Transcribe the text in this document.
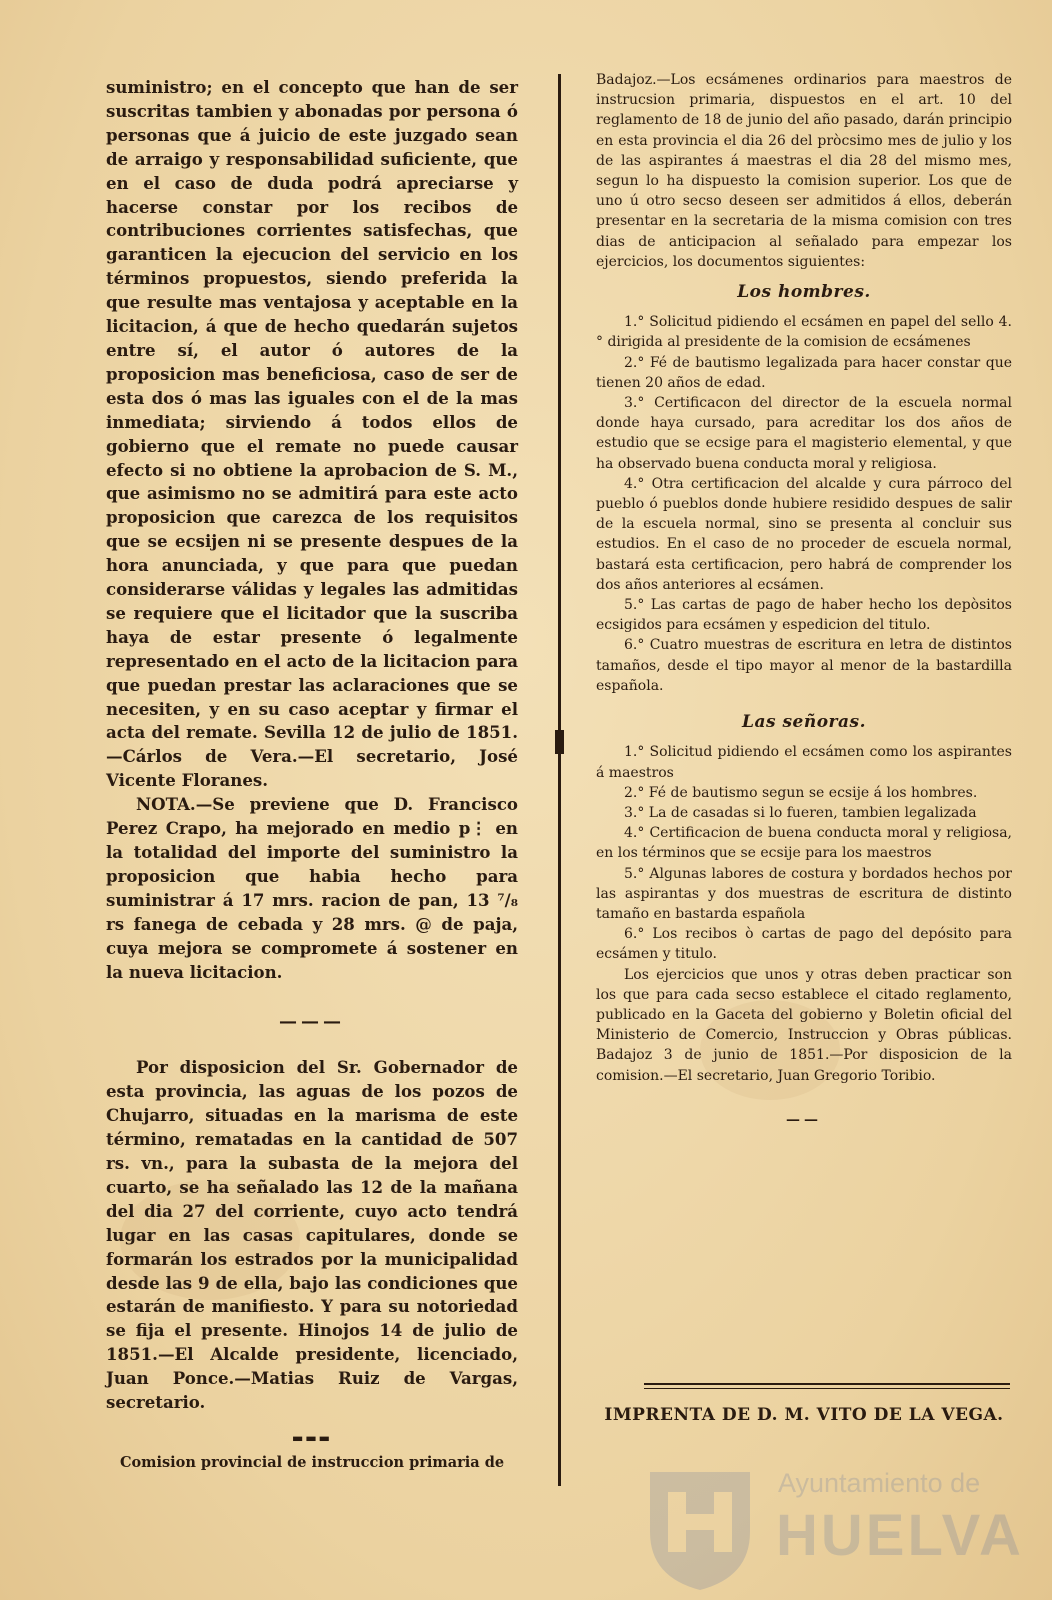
suministro; en el concepto que han de ser suscritas tambien y abonadas por persona ó personas que á juicio de este juzgado sean de arraigo y responsabilidad suficiente, que en el caso de duda podrá apreciarse y hacerse constar por los recibos de contribuciones corrientes satisfechas, que garanticen la ejecucion del servicio en los términos propuestos, siendo preferida la que resulte mas ventajosa y aceptable en la licitacion, á que de hecho quedarán sujetos entre sí, el autor ó autores de la proposicion mas beneficiosa, caso de ser de esta dos ó mas las iguales con el de la mas inmediata; sirviendo á todos ellos de gobierno que el remate no puede causar efecto si no obtiene la aprobacion de S. M., que asimismo no se admitirá para este acto proposicion que carezca de los requisitos que se ecsijen ni se presente despues de la hora anunciada, y que para que puedan considerarse válidas y legales las admitidas se requiere que el licitador que la suscriba haya de estar presente ó legalmente representado en el acto de la licitacion para que puedan prestar las aclaraciones que se necesiten, y en su caso aceptar y firmar el acta del remate. Sevilla 12 de julio de 1851.—Cárlos de Vera.—El secretario, José Vicente Floranes.

NOTA.—Se previene que D. Francisco Perez Crapo, ha mejorado en medio p⋮ en la totalidad del importe del suministro la proposicion que habia hecho para suministrar á 17 mrs. racion de pan, 13 ⁷/₈ rs fanega de cebada y 28 mrs. @ de paja, cuya mejora se compromete á sostener en la nueva licitacion.

———

Por disposicion del Sr. Gobernador de esta provincia, las aguas de los pozos de Chujarro, situadas en la marisma de este término, rematadas en la cantidad de 507 rs. vn., para la subasta de la mejora del cuarto, se ha señalado las 12 de la mañana del dia 27 del corriente, cuyo acto tendrá lugar en las casas capitulares, donde se formarán los estrados por la municipalidad desde las 9 de ella, bajo las condiciones que estarán de manifiesto. Y para su notoriedad se fija el presente. Hinojos 14 de julio de 1851.—El Alcalde presidente, licenciado, Juan Ponce.—Matias Ruiz de Vargas, secretario.

▬▬▬
Comision provincial de instruccion primaria de

Badajoz.—Los ecsámenes ordinarios para maestros de instrucsion primaria, dispuestos en el art. 10 del reglamento de 18 de junio del año pasado, darán principio en esta provincia el dia 26 del pròcsimo mes de julio y los de las aspirantes á maestras el dia 28 del mismo mes, segun lo ha dispuesto la comision superior. Los que de uno ú otro secso deseen ser admitidos á ellos, deberán presentar en la secretaria de la misma comision con tres dias de anticipacion al señalado para empezar los ejercicios, los documentos siguientes:

Los hombres.

1.° Solicitud pidiendo el ecsámen en papel del sello 4.° dirigida al presidente de la comision de ecsámenes

2.° Fé de bautismo legalizada para hacer constar que tienen 20 años de edad.

3.° Certificacon del director de la escuela normal donde haya cursado, para acreditar los dos años de estudio que se ecsige para el magisterio elemental, y que ha observado buena conducta moral y religiosa.

4.° Otra certificacion del alcalde y cura párroco del pueblo ó pueblos donde hubiere residido despues de salir de la escuela normal, sino se presenta al concluir sus estudios. En el caso de no proceder de escuela normal, bastará esta certificacion, pero habrá de comprender los dos años anteriores al ecsámen.

5.° Las cartas de pago de haber hecho los depòsitos ecsigidos para ecsámen y espedicion del titulo.

6.° Cuatro muestras de escritura en letra de distintos tamaños, desde el tipo mayor al menor de la bastardilla española.

Las señoras.

1.° Solicitud pidiendo el ecsámen como los aspirantes á maestros

2.° Fé de bautismo segun se ecsije á los hombres.

3.° La de casadas si lo fueren, tambien legalizada

4.° Certificacion de buena conducta moral y religiosa, en los términos que se ecsije para los maestros

5.° Algunas labores de costura y bordados hechos por las aspirantas y dos muestras de escritura de distinto tamaño en bastarda española

6.° Los recibos ò cartas de pago del depósito para ecsámen y titulo.

Los ejercicios que unos y otras deben practicar son los que para cada secso establece el citado reglamento, publicado en la Gaceta del gobierno y Boletin oficial del Ministerio de Comercio, Instruccion y Obras públicas. Badajoz 3 de junio de 1851.—Por disposicion de la comision.—El secretario, Juan Gregorio Toribio.

——
IMPRENTA DE D. M. VITO DE LA VEGA.
Ayuntamiento de
HUELVA
